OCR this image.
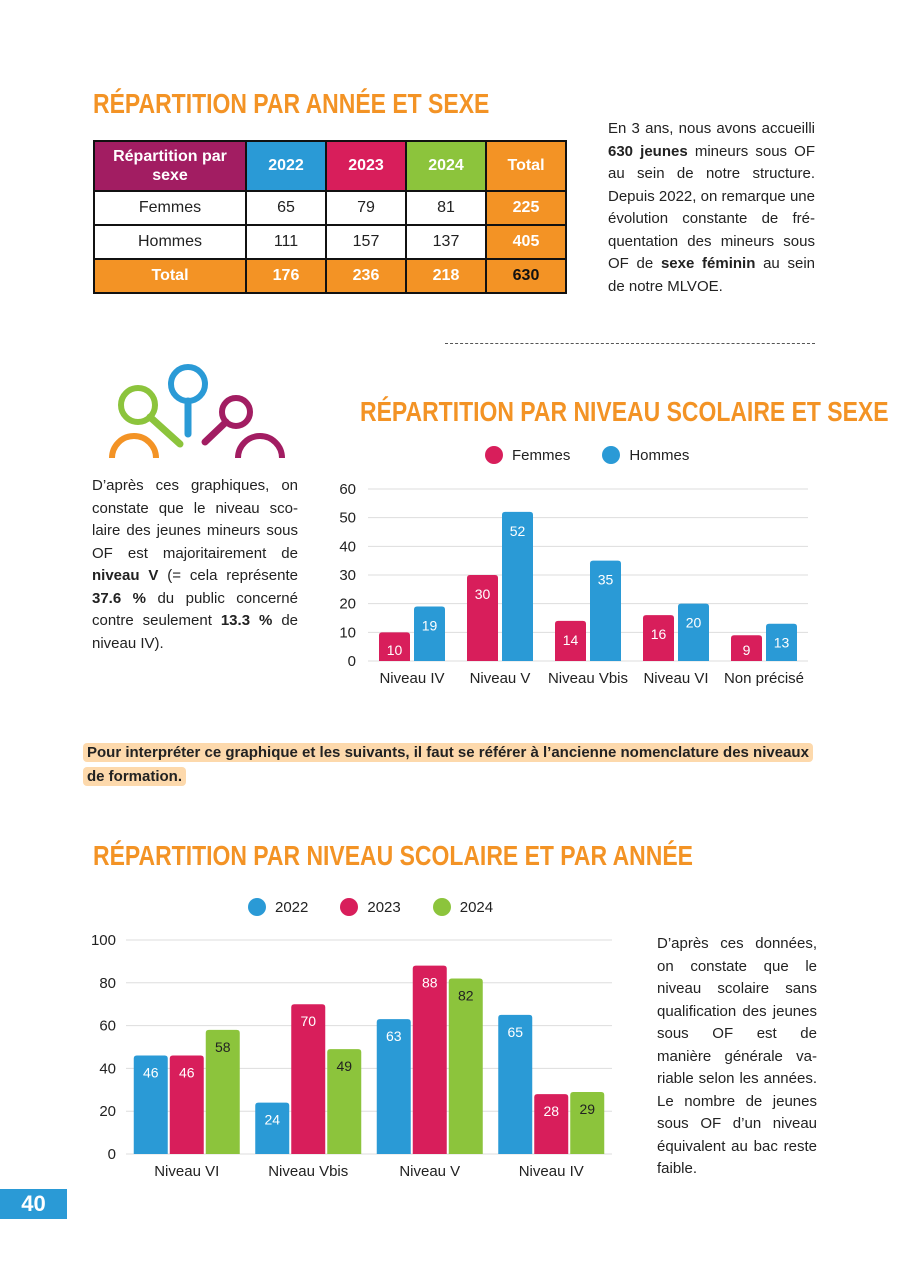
RÉPARTITION PAR ANNÉE ET SEXE
Répartition par sexe	2022	2023	2024	Total
Femmes	65	79	81	225
Hommes	111	157	137	405
Total	176	236	218	630
En 3 ans, nous avons accueilli 630 jeunes mineurs sous OF au sein de notre structure. Depuis 2022, on remarque une évolution constante de fré-quentation des mineurs sous OF de sexe féminin au sein de notre MLVOE.
RÉPARTITION PAR NIVEAU SCOLAIRE ET SEXE
D’après ces graphiques, on constate que le niveau sco-laire des jeunes mineurs sous OF est majoritairement de niveau V (= cela représente 37.6 % du public concerné contre seulement 13.3 % de niveau IV).
Femmes	Hommes
0
10
20
30
40
50
60
10
19
Niveau IV
30
52
Niveau V
14
35
Niveau Vbis
16
20
Niveau VI
9 13
Non précisé
Pour interpréter ce graphique et les suivants, il faut se référer à l’ancienne nomenclature des niveaux de formation.
RÉPARTITION PAR NIVEAU SCOLAIRE ET PAR ANNÉE
2022	2023	2024
0
20
40
60
80
100
46 46
58
Niveau VI
24
70
49
Niveau Vbis
63
88
82
Niveau V
65
28 29
Niveau IV
D’après ces données, on constate que le niveau scolaire sans qualification des jeunes sous OF est de manière générale va-riable selon les années. Le nombre de jeunes sous OF d’un niveau équivalent au bac reste faible.
40
